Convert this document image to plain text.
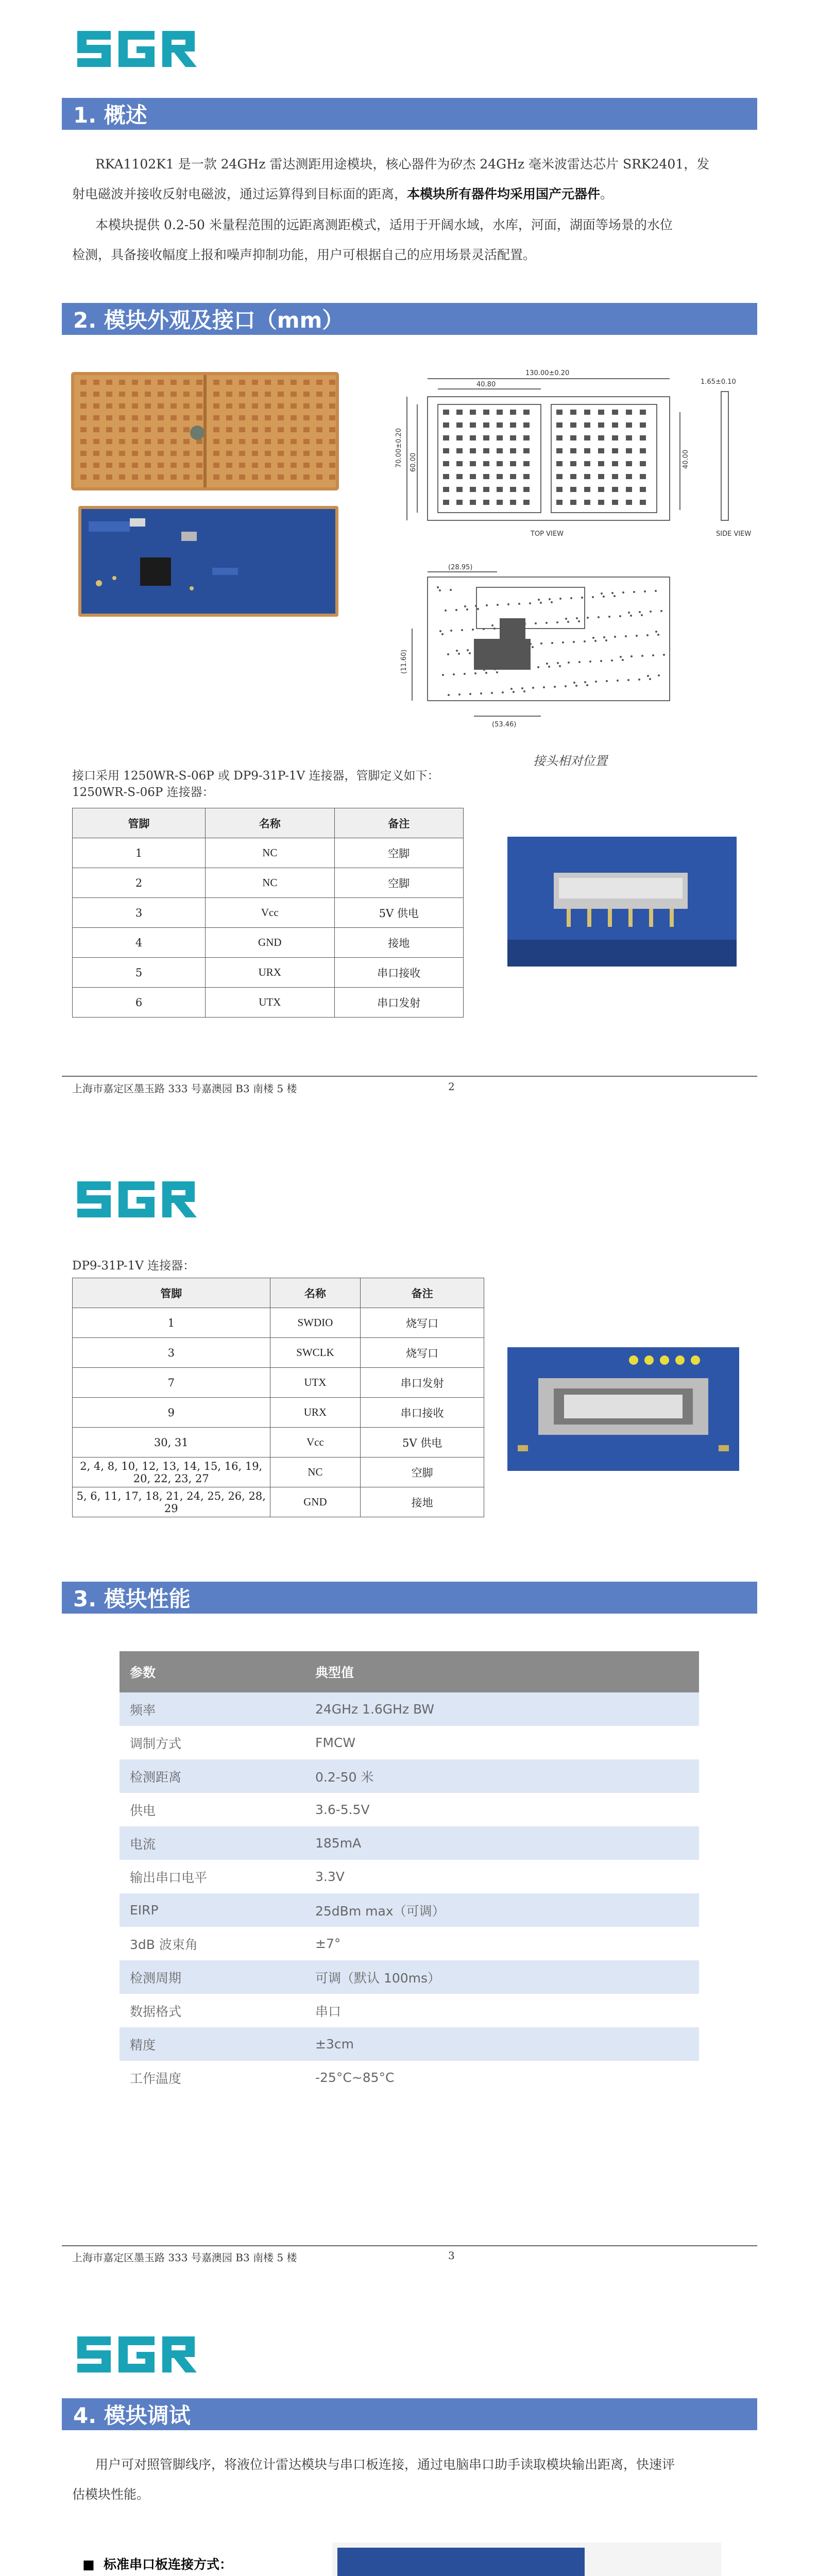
1. 概述
RKA1102K1 是一款 24GHz 雷达测距用途模块，核心器件为矽杰 24GHz 毫米波雷达芯片 SRK2401，发
射电磁波并接收反射电磁波，通过运算得到目标面的距离，本模块所有器件均采用国产元器件。
本模块提供 0.2-50 米量程范围的远距离测距模式，适用于开阔水域，水库，河面，湖面等场景的水位
检测，具备接收幅度上报和噪声抑制功能，用户可根据自己的应用场景灵活配置。
2. 模块外观及接口（mm）
130.00±0.20
40.80
70.00±0.20 60.00	40.00
1.65±0.10
(28.95)
(53.46)
(11.60)
TOP VIEW	SIDE VIEW
接头相对位置
接口采用 1250WR-S-06P 或 DP9-31P-1V 连接器，管脚定义如下：
1250WR-S-06P 连接器：
管脚	名称	备注
1	NC	空脚
2	NC	空脚
3	Vcc	5V 供电
4	GND	接地
5	URX	串口接收
6	UTX	串口发射
上海市嘉定区墨玉路 333 号嘉澳园 B3 南楼 5 楼	2
DP9-31P-1V 连接器：
管脚	名称	备注
1	SWDIO	烧写口
3	SWCLK	烧写口
7	UTX	串口发射
9	URX	串口接收
30, 31	Vcc	5V 供电
2, 4, 8, 10, 12, 13, 14, 15, 16, 19, 20, 22, 23, 27	NC	空脚
5, 6, 11, 17, 18, 21, 24, 25, 26, 28, 29	GND	接地
3. 模块性能
参数	典型值
频率	24GHz 1.6GHz BW
调制方式	FMCW
检测距离	0.2-50 米
供电	3.6-5.5V
电流	185mA
输出串口电平	3.3V
EIRP	25dBm max（可调）
3dB 波束角	±7°
检测周期	可调（默认 100ms）
数据格式	串口
精度	±3cm
工作温度	-25°C~85°C
上海市嘉定区墨玉路 333 号嘉澳园 B3 南楼 5 楼	3
4. 模块调试
用户可对照管脚线序，将液位计雷达模块与串口板连接，通过电脑串口助手读取模块输出距离，快速评
估模块性能。
■  标准串口板连接方式：
